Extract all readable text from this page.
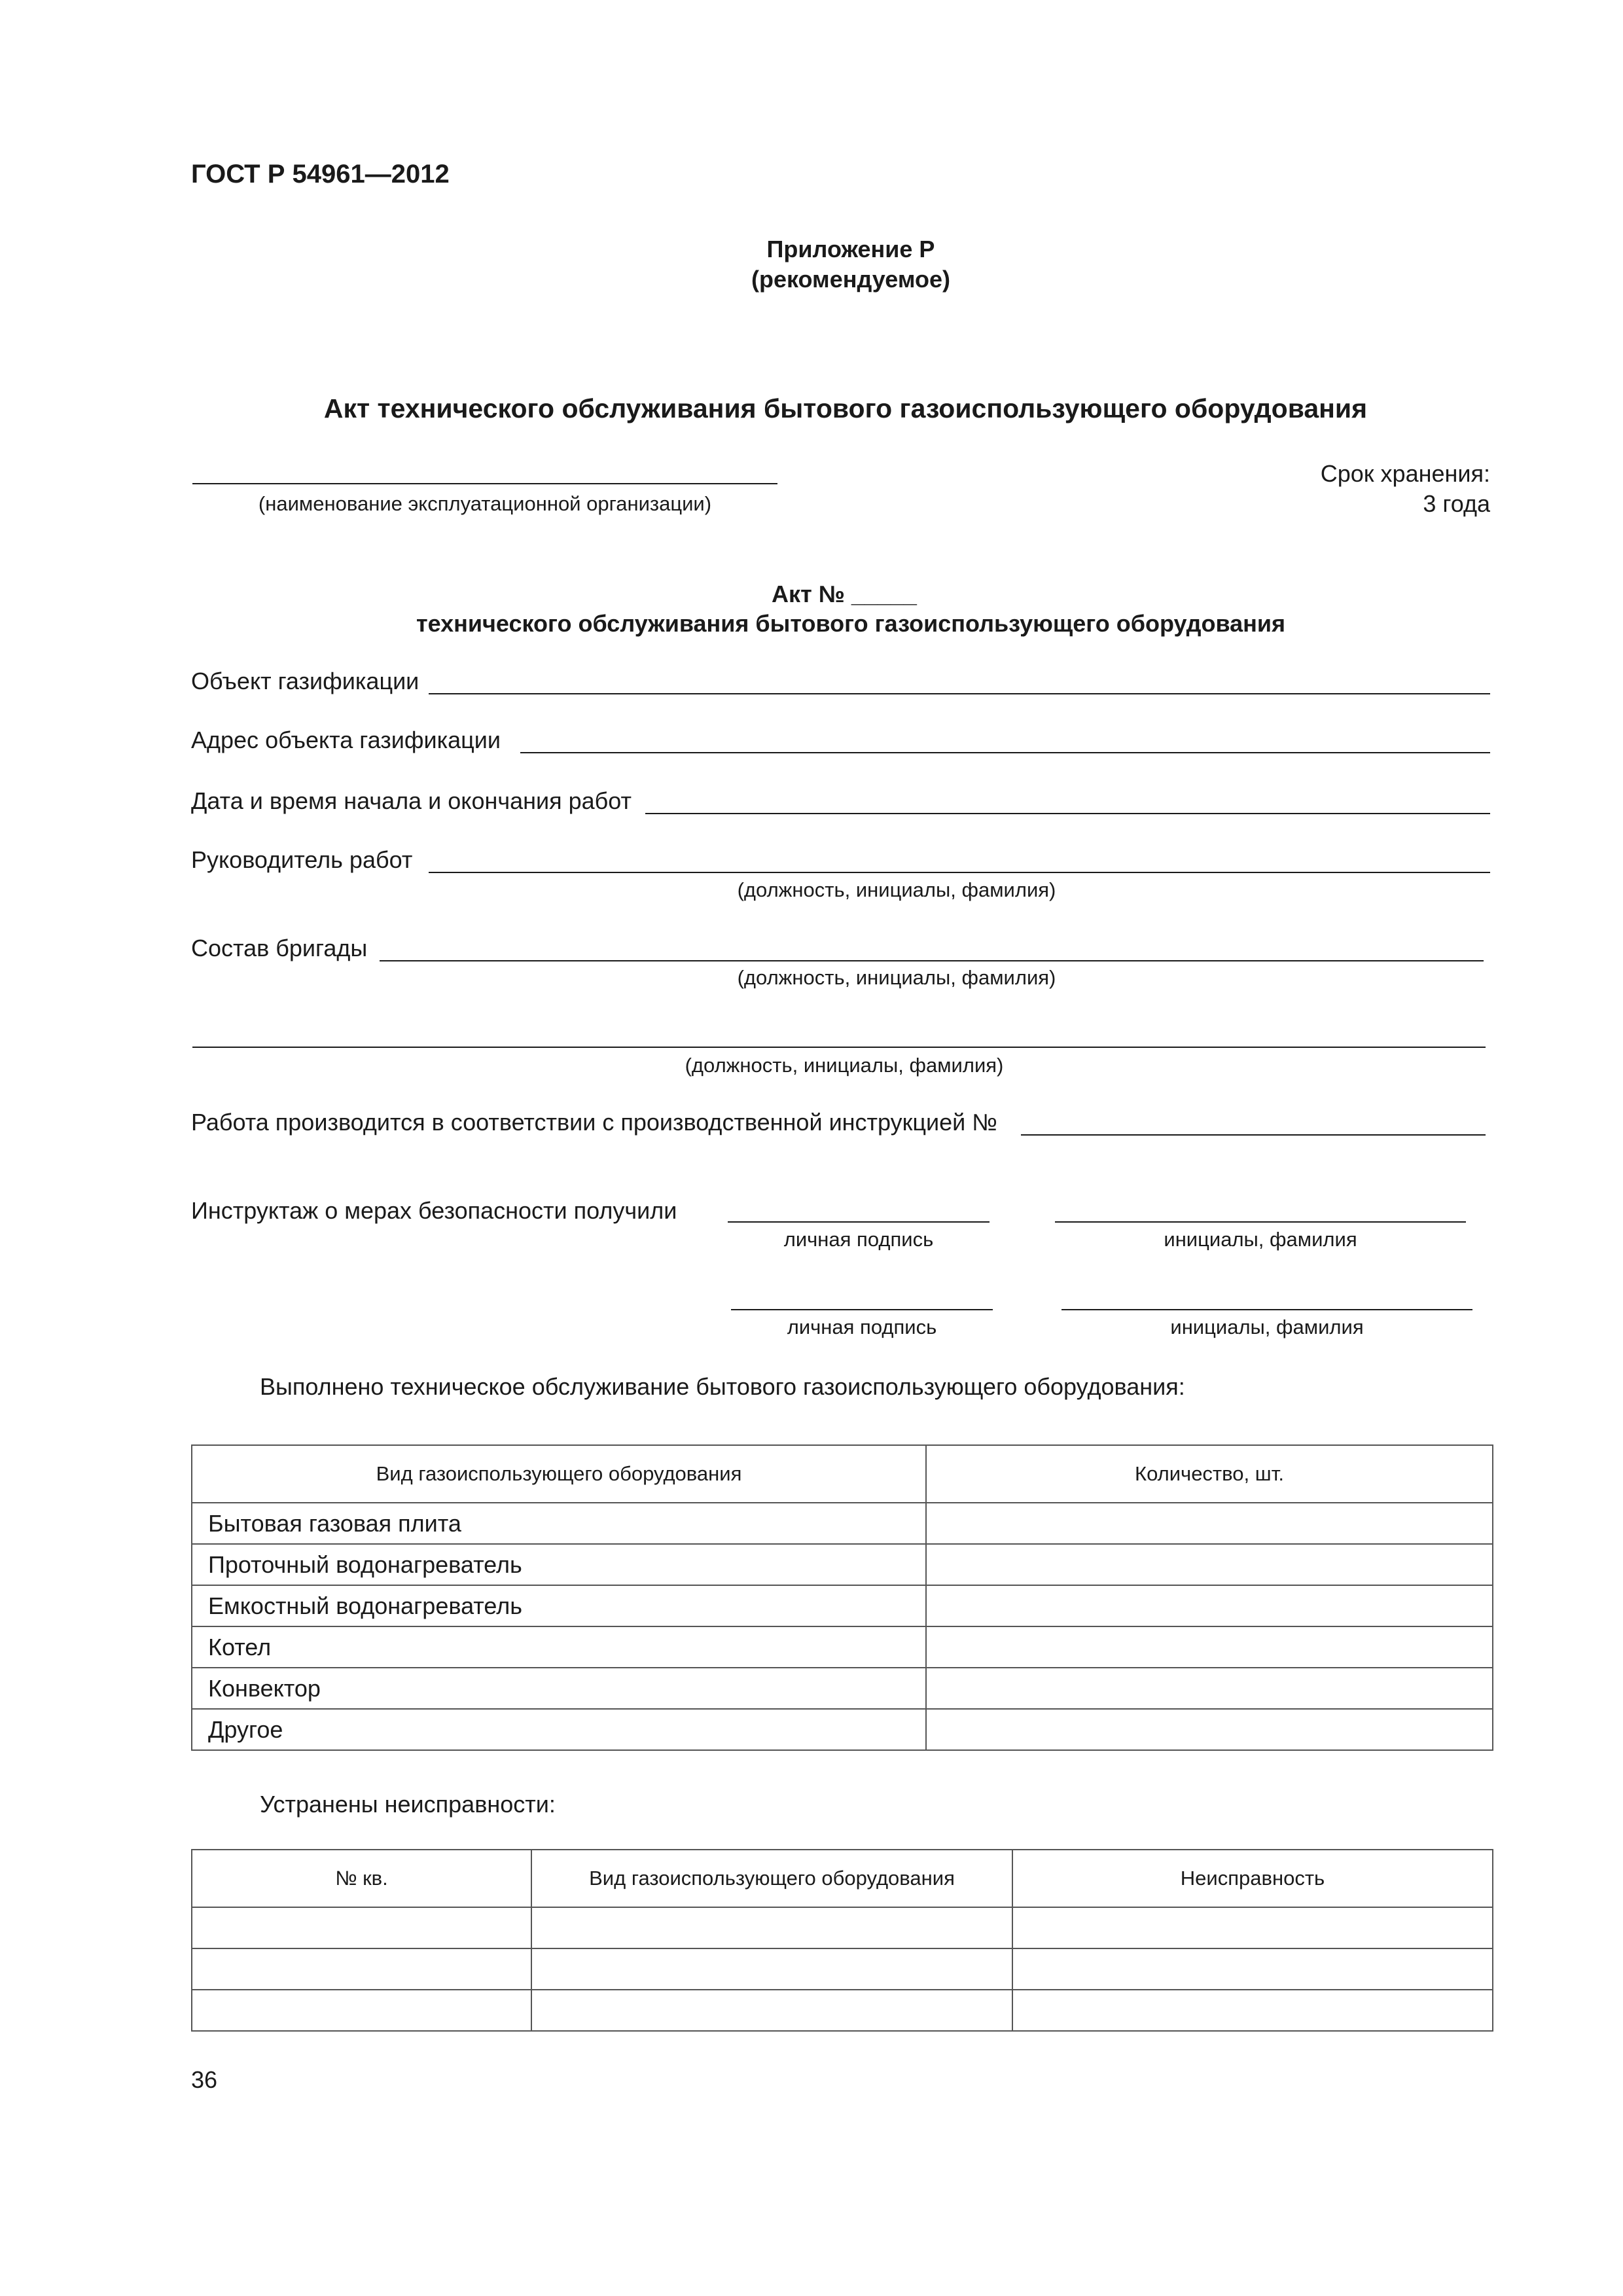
ГОСТ Р 54961—2012
Приложение Р
(рекомендуемое)
Акт технического обслуживания бытового газоиспользующего оборудования
(наименование эксплуатационной организации)
Срок хранения:
3 года
Акт № _____
технического обслуживания бытового газоиспользующего оборудования
Объект газификации
Адрес объекта газификации
Дата и время начала и окончания работ
Руководитель работ
(должность, инициалы, фамилия)
Состав бригады
(должность, инициалы, фамилия)
(должность, инициалы, фамилия)
Работа производится в соответствии с производственной инструкцией №
Инструктаж о мерах безопасности получили
личная подпись	инициалы, фамилия
личная подпись	инициалы, фамилия
Выполнено техническое обслуживание бытового газоиспользующего оборудования:
Вид газоиспользующего оборудования	Количество, шт.
Бытовая газовая плита	
Проточный водонагреватель	
Емкостный водонагреватель	
Котел	
Конвектор	
Другое	
Устранены неисправности:
№ кв.	Вид газоиспользующего оборудования	Неисправность

36
